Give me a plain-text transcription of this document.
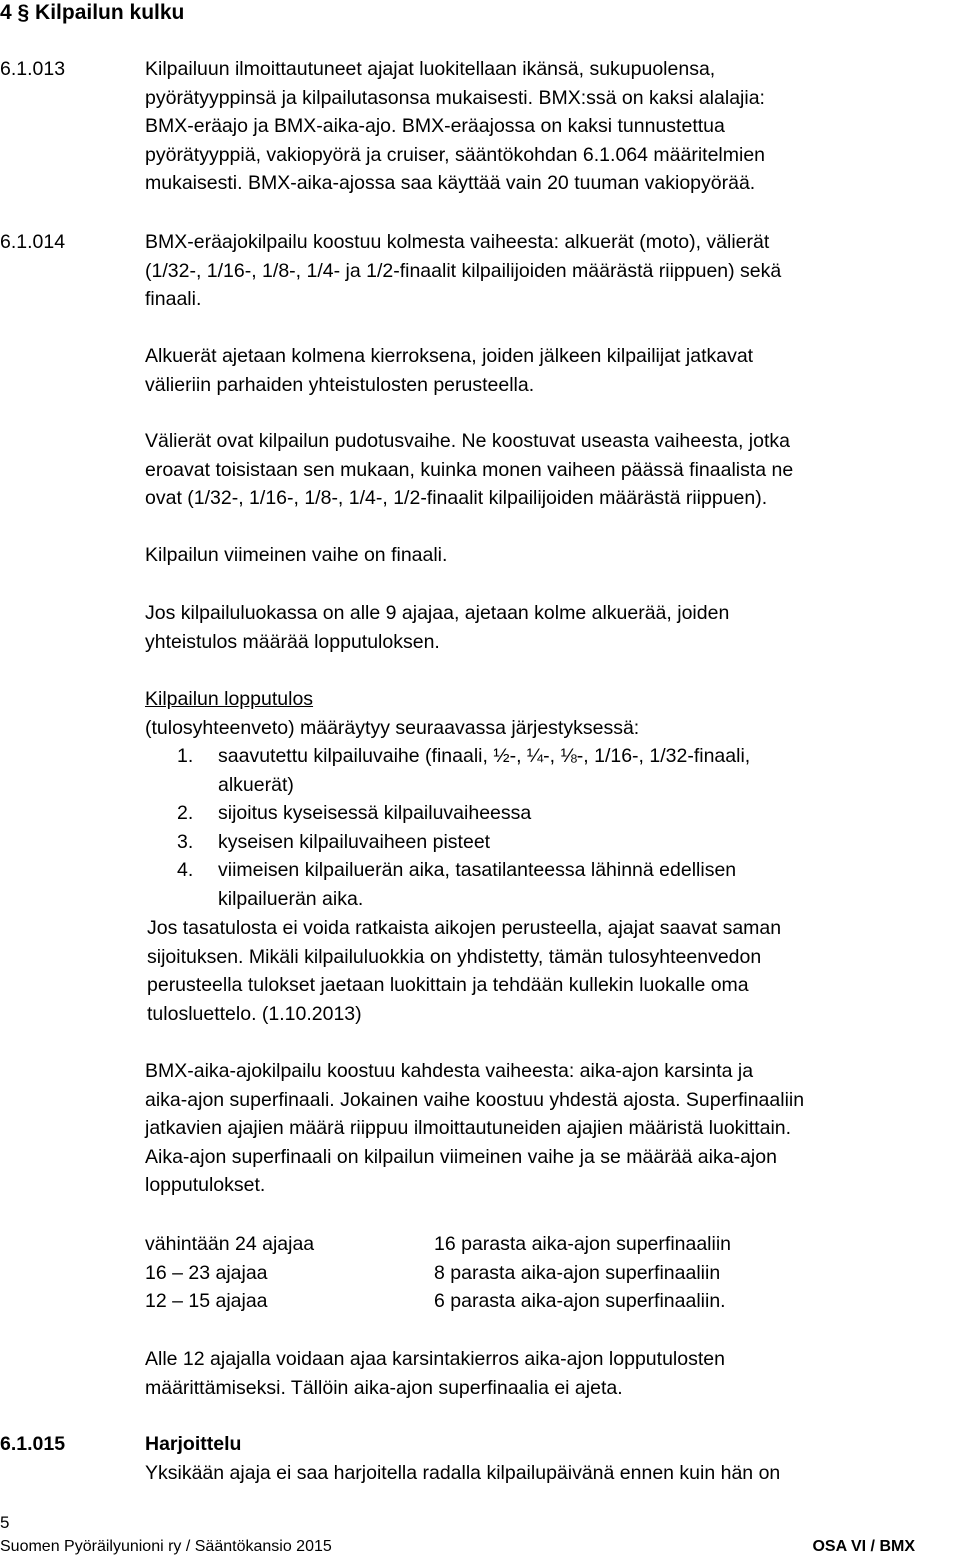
4 § Kilpailun kulku
6.1.013	Kilpailuun ilmoittautuneet ajajat luokitellaan ikänsä, sukupuolensa,
pyörätyyppinsä ja kilpailutasonsa mukaisesti. BMX:ssä on kaksi alalajia:
BMX-eräajo ja BMX-aika-ajo. BMX-eräajossa on kaksi tunnustettua
pyörätyyppiä, vakiopyörä ja cruiser, sääntökohdan 6.1.064 määritelmien
mukaisesti. BMX-aika-ajossa saa käyttää vain 20 tuuman vakiopyörää.
6.1.014	BMX-eräajokilpailu koostuu kolmesta vaiheesta: alkuerät (moto), välierät
(1/32-, 1/16-, 1/8-, 1/4- ja 1/2-finaalit kilpailijoiden määrästä riippuen) sekä
finaali.
Alkuerät ajetaan kolmena kierroksena, joiden jälkeen kilpailijat jatkavat
välieriin parhaiden yhteistulosten perusteella.
Välierät ovat kilpailun pudotusvaihe. Ne koostuvat useasta vaiheesta, jotka
eroavat toisistaan sen mukaan, kuinka monen vaiheen päässä finaalista ne
ovat (1/32-, 1/16-, 1/8-, 1/4-, 1/2-finaalit kilpailijoiden määrästä riippuen).
Kilpailun viimeinen vaihe on finaali.
Jos kilpailuluokassa on alle 9 ajajaa, ajetaan kolme alkuerää, joiden
yhteistulos määrää lopputuloksen.
Kilpailun lopputulos
(tulosyhteenveto) määräytyy seuraavassa järjestyksessä:
1. saavutettu kilpailuvaihe (finaali, ½-, ¼-, ⅛-, 1/16-, 1/32-finaali,
alkuerät)
2. sijoitus kyseisessä kilpailuvaiheessa
3. kyseisen kilpailuvaiheen pisteet
4. viimeisen kilpailuerän aika, tasatilanteessa lähinnä edellisen
kilpailuerän aika.
Jos tasatulosta ei voida ratkaista aikojen perusteella, ajajat saavat saman
sijoituksen. Mikäli kilpailuluokkia on yhdistetty, tämän tulosyhteenvedon
perusteella tulokset jaetaan luokittain ja tehdään kullekin luokalle oma
tulosluettelo. (1.10.2013)
BMX-aika-ajokilpailu koostuu kahdesta vaiheesta: aika-ajon karsinta ja
aika-ajon superfinaali. Jokainen vaihe koostuu yhdestä ajosta. Superfinaaliin
jatkavien ajajien määrä riippuu ilmoittautuneiden ajajien määristä luokittain.
Aika-ajon superfinaali on kilpailun viimeinen vaihe ja se määrää aika-ajon
lopputulokset.
vähintään 24 ajajaa	16 parasta aika-ajon superfinaaliin
16 – 23 ajajaa	8 parasta aika-ajon superfinaaliin
12 – 15 ajajaa	6 parasta aika-ajon superfinaaliin.
Alle 12 ajajalla voidaan ajaa karsintakierros aika-ajon lopputulosten
määrittämiseksi. Tällöin aika-ajon superfinaalia ei ajeta.
6.1.015	Harjoittelu
Yksikään ajaja ei saa harjoitella radalla kilpailupäivänä ennen kuin hän on
5
Suomen Pyöräilyunioni ry / Sääntökansio 2015	OSA VI / BMX
